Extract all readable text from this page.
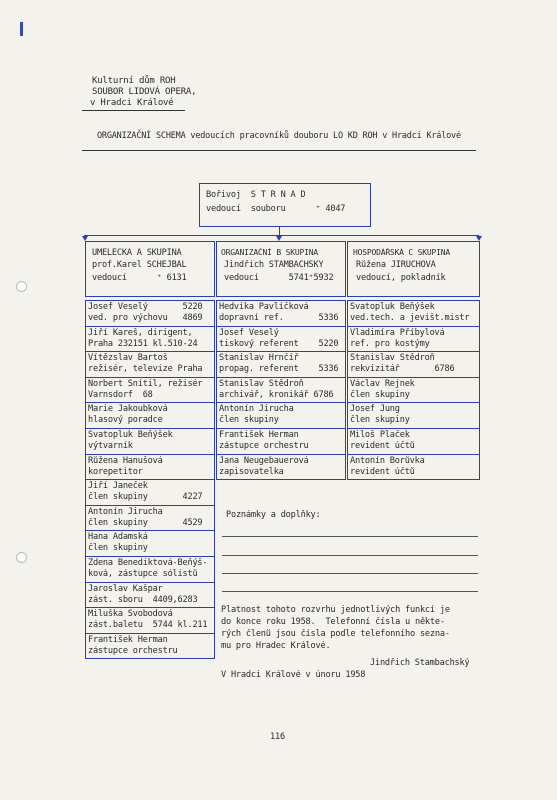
Kulturní dům ROH
SOUBOR LIDOVÁ OPERA,
v Hradci Králové
ORGANIZAČNÍ SCHEMA vedoucích pracovníků douboru LO KD ROH v Hradci Králové
Bořivoj  S T R N A D
vedoucí  souboru      ⁺ 4047
UMĚLECKÁ A SKUPINA
prof.Karel SCHEJBAL
vedoucí      ⁺ 6131
ORGANIZAČNÍ B SKUPINA
Jindřich ŠTAMBACHSKÝ
vedoucí      5741⁺5932
HOSPODÁŘSKÁ C SKUPINA
Růžena JIRUCHOVÁ
vedoucí, pokladník
Josef Veselý       5220
ved. pro výchovu   4869
Jiří Kareš, dirigent,
Praha 232151 kl.510-24
Vítězslav Bartoš
režisér, televize Praha
Norbert Snítil, režisér
Varnsdorf  68
Marie Jakoubková
hlasový poradce
Svatopluk Beňýšek
výtvarník
Růžena Hanušová
korepetitor
Jiří Janeček
člen skupiny       4227
Antonín Jirucha
člen skupiny       4529
Hana Adamská
člen skupiny
Zdena Benediktová-Beňýš-
ková, zástupce sólistů
Jaroslav Kašpar
zást. sboru  4409,6283
Miluška Svobodová
zást.baletu  5744 kl.211
František Herman
zástupce orchestru
Hedvika Pavlíčková
dopravní ref.       5336
Josef Veselý
tiskový referent    5220
Stanislav Hrnčíř
propag. referent    5336
Stanislav Štědroň
archivář, kronikář 6786
Antonín Jirucha
člen skupiny
František Herman
zástupce orchestru
Jana Neugebauerová
zapisovatelka
Svatopluk Beňýšek
ved.tech. a jevišt.mistr
Vladimíra Příbylová
ref. pro kostýmy
Stanislav Štědroň
rekvizitář       6786
Václav Rejnek
člen skupiny
Josef Jung
člen skupiny
Miloš Plaček
revident účtů
Antonín Borůvka
revident účtů
Poznámky a doplňky:
Platnost tohoto rozvrhu jednotlivých funkcí je
do konce roku 1958.  Telefonní čísla u někte-
rých členů jsou čísla podle telefonního sezna-
mu pro Hradec Králové.
Jindřich Štambachský
V Hradci Králové v únoru 1958
116
